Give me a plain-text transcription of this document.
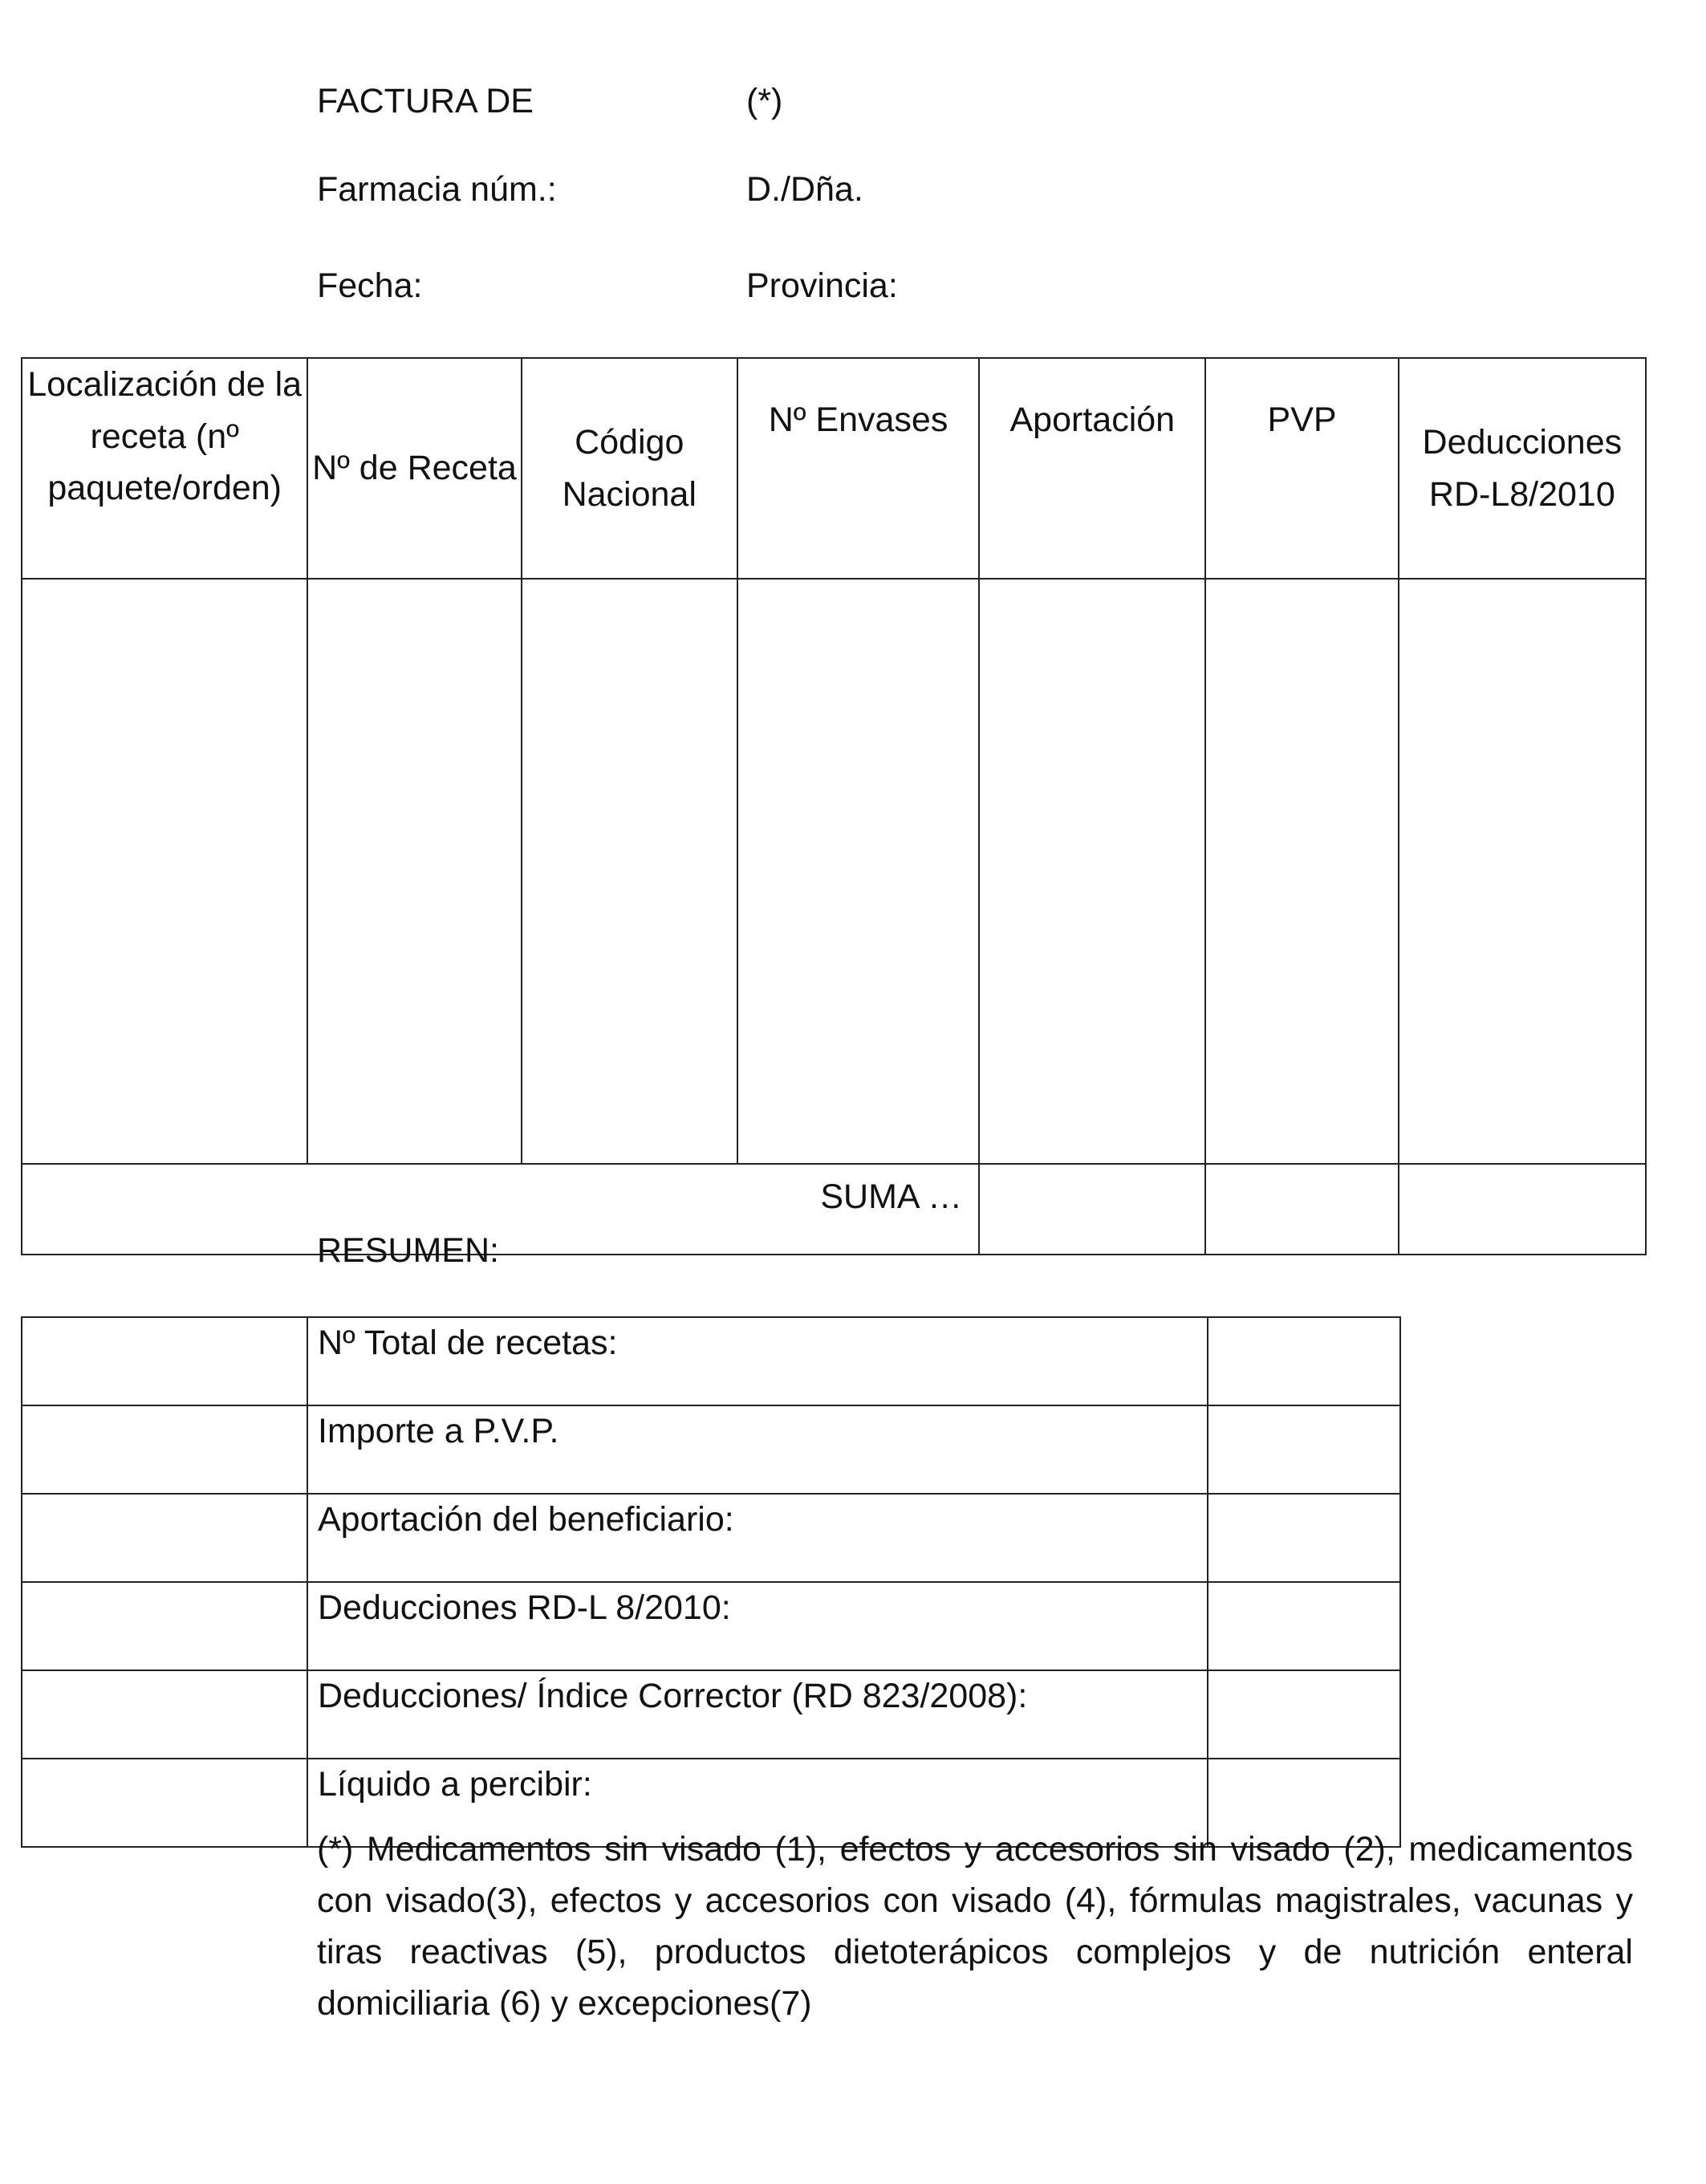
FACTURA DE	(*)
Farmacia núm.:	D./Dña.
Fecha:	Provincia:
Localización de la receta (nº paquete/orden)	Nº de Receta	Código Nacional	Nº Envases	Aportación	PVP	Deducciones RD-L8/2010

SUMA …						
RESUMEN:
	Nº Total de recetas:	
	Importe a P.V.P.	
	Aportación del beneficiario:	
	Deducciones RD-L 8/2010:	
	Deducciones/ Índice Corrector (RD 823/2008):	
	Líquido a percibir:	
(*) Medicamentos sin visado (1), efectos y accesorios sin visado (2), medicamentos con visado(3), efectos y accesorios con visado (4), fórmulas magistrales, vacunas y tiras reactivas (5), productos dietoterápicos complejos y de nutrición enteral domiciliaria (6) y excepciones(7)
